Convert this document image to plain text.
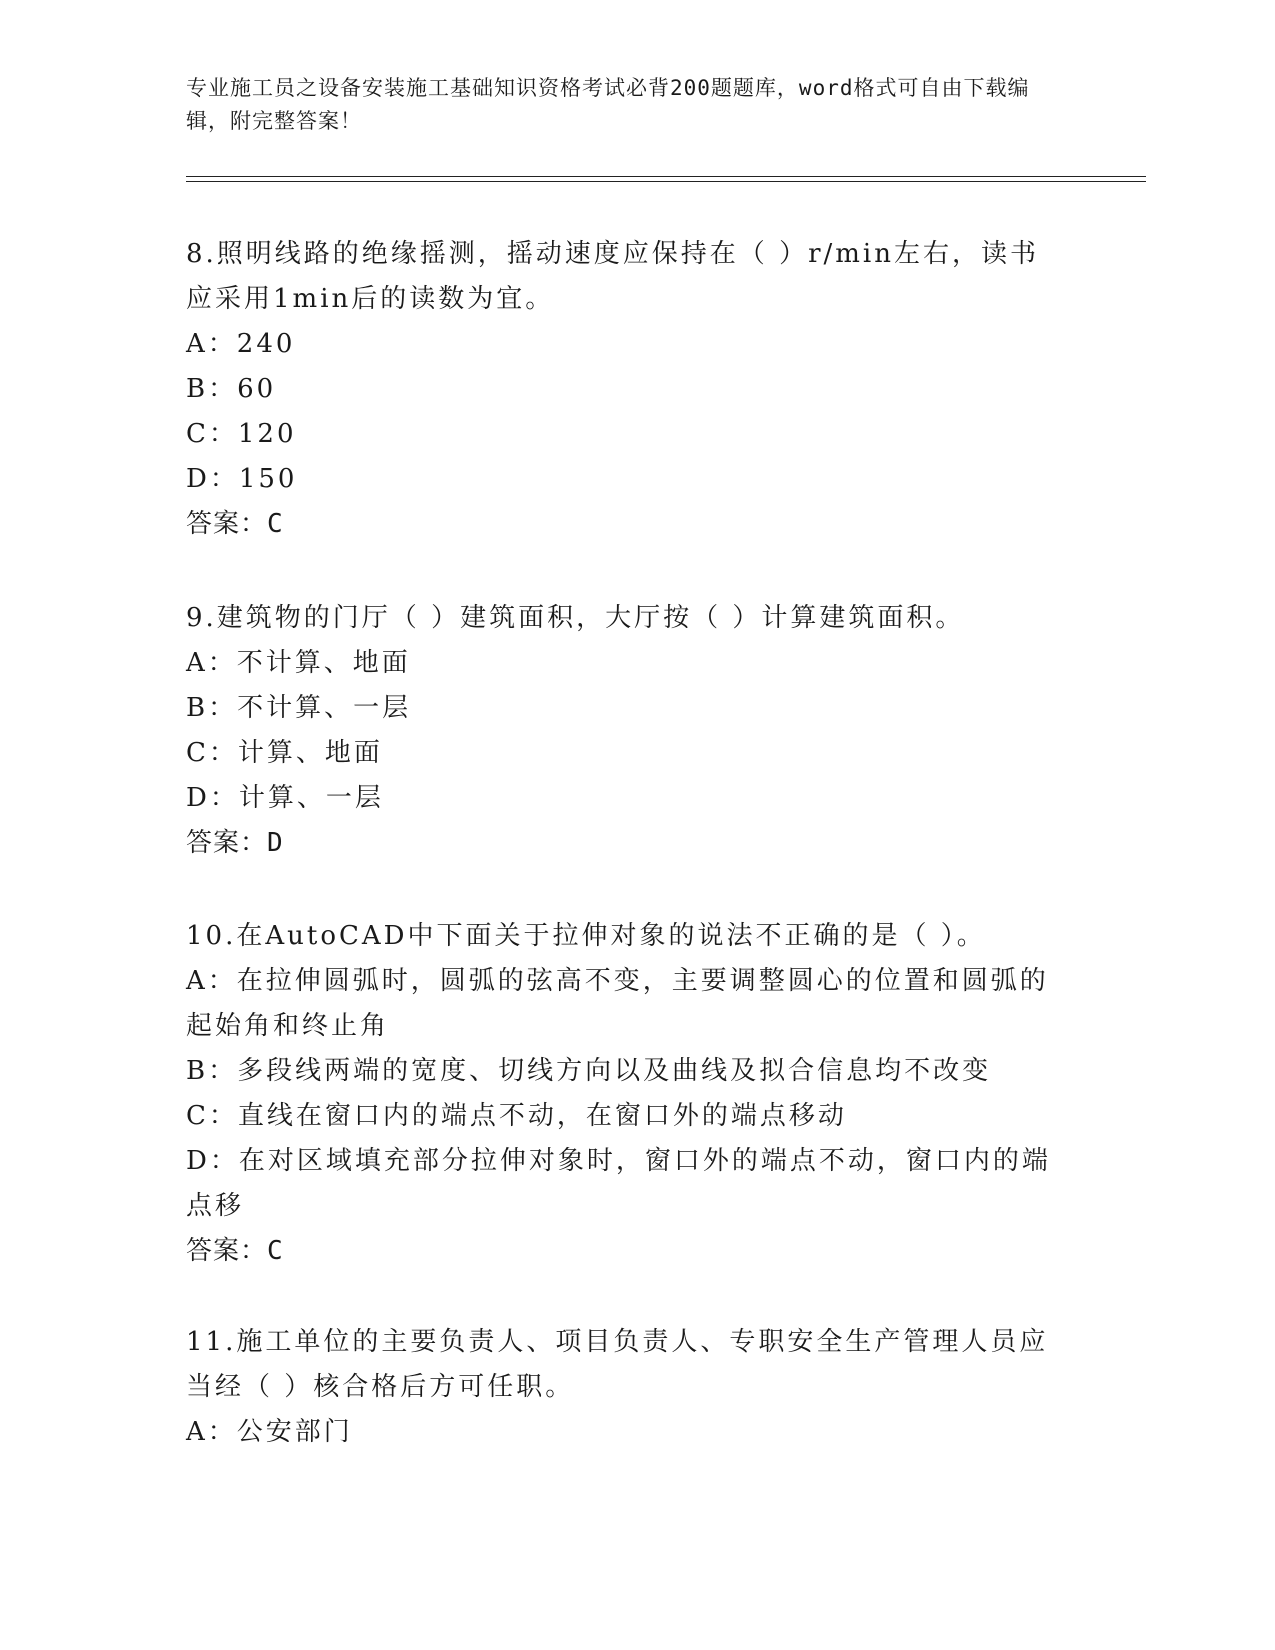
专业施工员之设备安装施工基础知识资格考试必背200题题库，word格式可自由下载编辑，附完整答案！

8.照明线路的绝缘摇测，摇动速度应保持在（ ）r/min左右，读书应采用1min后的读数为宜。

A：240

B：60

C：120

D：150

答案：C

9.建筑物的门厅（ ）建筑面积，大厅按（ ）计算建筑面积。

A：不计算、地面

B：不计算、一层

C：计算、地面

D：计算、一层

答案：D

10.在AutoCAD中下面关于拉伸对象的说法不正确的是（ ）。

A：在拉伸圆弧时，圆弧的弦高不变，主要调整圆心的位置和圆弧的起始角和终止角

B：多段线两端的宽度、切线方向以及曲线及拟合信息均不改变

C：直线在窗口内的端点不动，在窗口外的端点移动

D：在对区域填充部分拉伸对象时，窗口外的端点不动，窗口内的端点移

答案：C

11.施工单位的主要负责人、项目负责人、专职安全生产管理人员应当经（ ）核合格后方可任职。

A：公安部门
